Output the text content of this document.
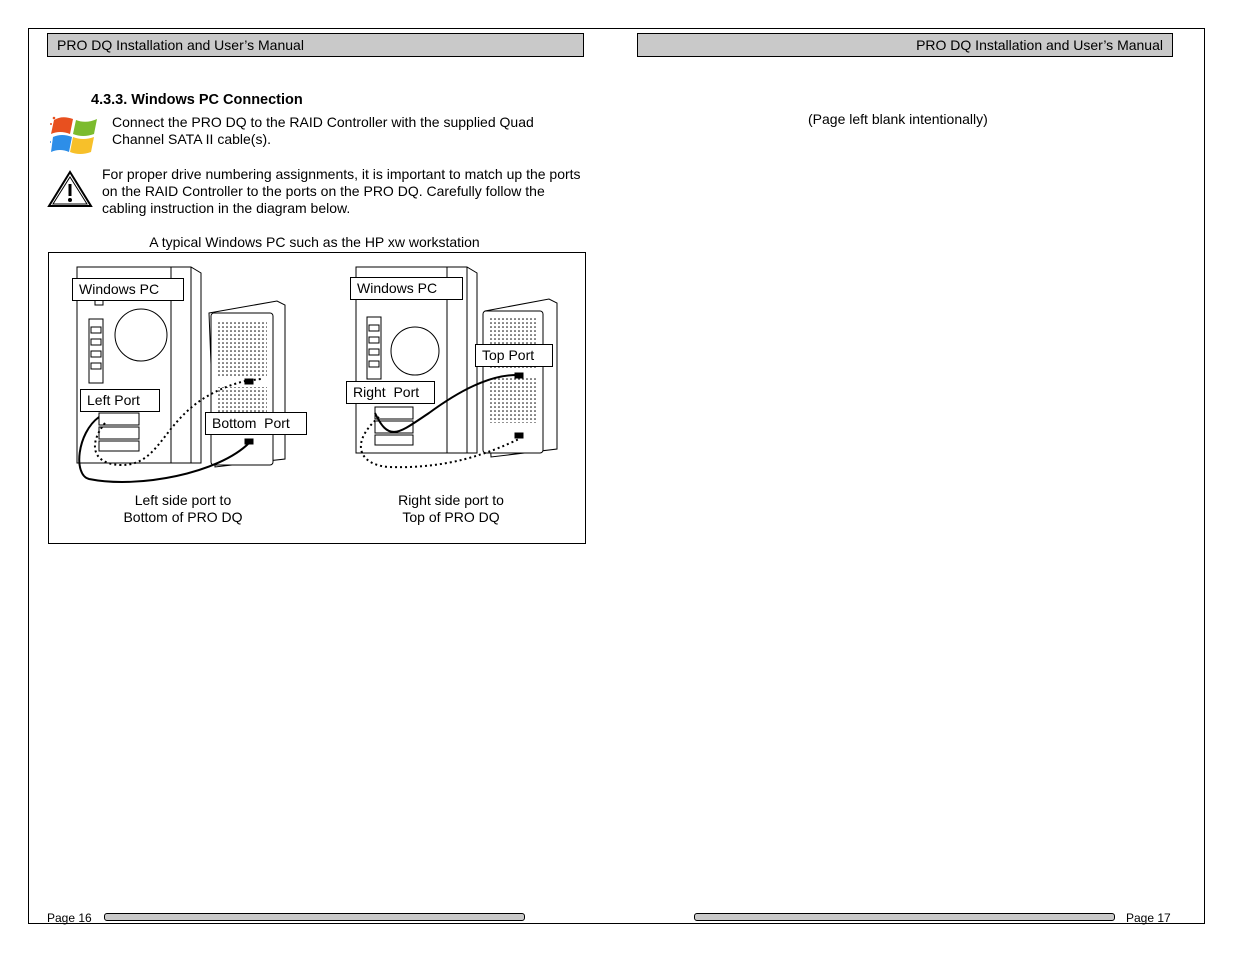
PRO DQ Installation and User’s Manual	PRO DQ Installation and User’s Manual
4.3.3. Windows PC Connection
Connect the PRO DQ to the RAID Controller with the supplied Quad Channel SATA II cable(s).
For proper drive numbering assignments, it is important to match up the ports on the RAID Controller to the ports on the PRO DQ. Carefully follow the cabling instruction in the diagram below.
A typical Windows PC such as the HP xw workstation
Windows PC
Left Port
Bottom  Port
Windows PC
Top Port
Right  Port
Left side port to
Bottom of PRO DQ
Right side port to
Top of PRO DQ
(Page left blank intentionally)
Page 16	Page 17
